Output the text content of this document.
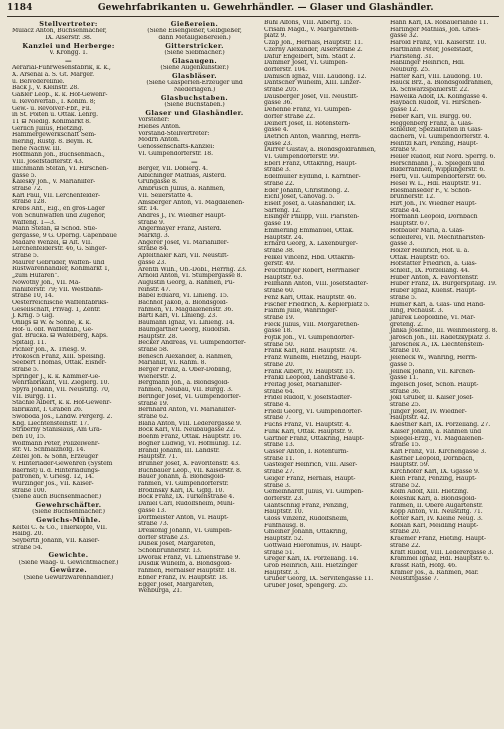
1184	Gewehrfabrikanten u. Gewehrhändler. — Glaser und Glashändler.
Stellvertreter:
Mulacz Anton, Büchsenmacher,
IX. Alserstr. 38.
Kanzlei und Herberge:
V. Krongg. 1.
—
Aerarial-Fuhrwesensfabrik, k. k.,
X. Arsenal a. S. Gt. Marger.
u. Belvederelinie.
Bäck J., V. Kleinstr. 28.
Gaßler Leop., k. k. Hof-Gewehr-
u. Revolverfab., I. Kohlm. 8;
Gew.- u. Revolver-Fbr., Fil.
in St. Pölten u. Ottak. Lehrg.
11 ⊟ Niedlg. Kohlmarkt 8.
Gerlich Julius, Hietzing.
Hammergewerkschaft Sem-
mering, Rustg. 8. Beym. R.
fiehe Nachw. III.
Hoffmann Joh., Büchsenmach.,
VIII. Josefstädterstr. 43.
Illichmann Stefan, VI. Hirschen-
gasse 5.
Kalesky Joh., V. Mariahilfer-
straße 72.
Karl Paul, VII. Lerchenfelder-
straße 128.
Krebs Ant., Eig., en gros-Lager
von Schuhwaffen und Zugehör,
Waffeng. 1—3.
Mann Stefan, ⊟ Schöd. Stie-
gergasse, 9 G. Operng. Capenbaue
Madaré Wenzel, ⊟ Alt. VII.
Lerchenfelderstr. 46, G. Singer-
straße 5.
Maurer Gebrüder, Waffen- und
Rüstwarenhändler, Kohlmarkt 1,
„zum Hufaren".
Nowotny Joh., VII. Ma-
riahilferstr. 79; VII. Westbahn-
straße 10, 14.
Oesterreichische Waffenfabriks-
Gesellschaft, Priväg. 1, Zentr.
J. Krng. 5 Gig.
Ohligs ⊟ W. & Söhne, k. k.
Hof- u. öbf. Waffenfab., Ge-
gaf. Brucka. ⊟ Wafelberg, Kaps.
Spitalg. 11.
Pichler Joh., X. Triesg. 9.
Prokosch Franz, XIII. Speising.
Seebert Thomas, Ottak. Eisner-
straße 5.
Springer J., k. k. Kammer-Ge-
wehrfabrikant, VII. Zieglerg. 10.
Spyra Johann, VII. Neustiftg. 70,
VII. Burgg. 11.
Stachle Albert, k. k. Hof-Gewehr-
fabrikant, I. Graben 26.
Swoboda Jos., Landw. Pergerg. 2.
Kbg. Liechtensteinstr. 17.
Striberny Stanislaus, Am Gra-
ben 10, 15.
Wolfmann Peter, Polizeiwehr-
str. VI. Schmalzhofg. 14.
Zeifel Joh. & Sohn, Erzeuger
v. Hinterlader-Gewehren (System
Baernst) u. d. Hinterladungs-
patronen, V. Griesg. 12, 14.
Wurzinger Jos., VII. Kaiser-
straße 100.
(Siehe auch Büchsenmacher.)
Gewehrschäfter.
(Siehe Büchsenmacher.)
Gewichs-Mühle.
Keitel C. & Co., Thierköpfe, VII.
Halbg. 20.
Seyberth Johann, VII. Kaiser-
straße 54.
Gewichte.
(Siehe Waag- u. Gewichtmacher.)
Gewürze.
(Siehe Gewürzwarenhändler.)
Gießereien.
(Siehe Eisengießer, Gelbgießer,
dann Metallgießereien.)
Gitterstricker.
(Siehe Siebmacher.)
Glasaugen.
(Siehe Augenkünstler.)
Glasbläser.
(Siehe Glasperlen-Erzeuger und
Niederlagen.)
Glasbuchstaben.
(Siehe Buchstaben.)
Glaser und Glashändler.
Vorsteher:
Hießes Anton.
Vorstand-Stellvertreter:
Modrn Anton.
Genossenschafts-Kanzlei:
VI. Gumpendorferstr. 18.
—
Berger, VII. Döblerg. 4.
Albichinger Mathias, Alsterd.
Grüngasse 8.
Ambrusch Julius, a. Rahmen,
VII. Seilerstätte 4.
Amsberger Anton, VI. Magdalenen-
str. 14.
Andres J., IV. Wiedner Haupt-
straße 9.
Angermayer Franz, Alsterd.
Marktg. 3.
Angerer Josef, VI. Mariahilfer-
straße 84.
Apfelthaler Karl, VII. Neustift-
gasse 23.
Arenth Wilh., Ob.-Döbl., Herrng. 23.
Arnold Anton, VI. Stumpergasse 8.
Augustin Georg, a. Rahmen, Pu-
reihstr. 47.
Babel Eduard, VI. Linieng. 15.
Bachhof Jakob, a. Blondsgold-
rahmen, VI. Magdalenenstr. 36.
Bartl Karl, VI. Linieng. 23.
Baumann Ignaz, VI. Linieng. 14.
Baumgartner Georg, Rudolfsh.
Hauptstr. 28.
Becker Andreas, VI. Gumpendorfer-
straße 58.
Benesch Alexander, a. Rahmen,
Mariahilf, VI. Rahm. 8.
Berger Franz, a. Ober-Döbling,
Wienerstr. 2.
Bergmann Joh., a. Blondsgold-
rahmen, Neubau, VII. Burgg. 3.
Beringer Josef, VI. Gumpendorfer-
straße 19.
Bernhard Anton, VI. Mariahilfer-
straße 62.
Blaha Anton, VIII. Lederergasse 9.
Bock Karl, VII. Neubaugasse 22.
Boehm Franz, Ottak. Hauptstr. 16.
Bogner Ludwig, VI. Hofmühlg. 12.
Brandl Johann, III. Landstr.
Hauptstr. 71.
Brunner Josef, X. Favoritenstr. 43.
Buchbauer Leop., VII. Kaiserstr. 8.
Bauer Johann, a. Blondsgold-
rahmen, VI. Gumpendorferstr.
Brodinsky Karl, IX. Ggfg. 10.
Böck Franz, IX. Türkenstraße 4.
Daniel Carl, Rudolfsheim, Mühl-
gasse 13.
Dorfmeister Anton, VI. Haupt-
straße 73.
Dreikönig Johann, VI. Gumpen-
dorfer straße 23.
Dußek Josef, Margareten,
Schönbrunnerstr. 13.
Dworak Franz, VI. Linienstraße 9.
Dusdik Wilhelm, a. Blondsgold-
rahmen, Hernalser Hauptstr. 18.
Ebner Franz, IV. Hauptstr. 18.
Egger Josef, Margareten,
Wehburga, 21.
Buhl Alfons, VIII. Albertg. 15.
Crisam Magd., V. Margarethen-
platz 9.
Czap Joh., Hernals, Hauptstr. 11.
Czerny Alexander, Alserstraße 2.
Dafür Engelbert, Sim. Stadt 2.
Dammer Josef, VI. Gumpen-
dorferstr. 104.
Damisch Ignaz, VIII. Laudong. 12.
Dantscher Wilhelm, XIII. Linzer-
straße 205.
Dausberger Josef, VII. Neustift-
gasse 36.
Dehenne Franz, VI. Gumpen-
dorfer straße 22.
Deinert Josef, II. Rotenstern-
gasse 4.
Dietrich Anton, Währing, Herrn-
gasse 23.
Durrer Gustav, a. Blondsgoldrahmen,
VI. Gumpendorferstr. 99.
Eberl Franz, Ottakring, Haupt-
straße 3.
Edelmüller Eydiind, I. Kärntner-
straße 22.
Eder Johann, Christinong. 2.
Eichl Josef, Canovag. 5.
Eiselt Josef, a. Glashändler, IX.
Sarfeng. 12.
Elsinger Philipp, VIII. Piaristen-
gasse 19.
Emmerling Emmanuel, Ottak.
Hauptstr. 24.
Erhard Georg, X. Laxenburger-
straße 38.
Felkel Vincenz, Hbd. Ottakrin-
gerstr. 49.
Feuchtinger Robert, Herrnalser
Hauptstr. 63.
Fellmann Anton, VIII. Josefstädter-
straße 60.
Fenz Karl, Ottak. Hauptstr. 46.
Fischer Friedrich, X. Keplerplatz 5.
Flamm Julie, Währinger-
straße 19.
Fleck Julius, VIII. Morgarethen-
gasse 18.
Fojtik Joh., VI. Gumpendorfer-
straße 50.
Frank Karl, Rdhf. Hauptstr. 74.
Franz Wilhelm, Hietzing, Haupt-
straße 20.
Frank Albert, IV. Hauptstr. 15.
Frankl Leopold, Landstraße 4.
Freitag Josef, Mariahilfer-
straße 64.
Fridel Rudolf, V. Josefstädter-
straße 4.
Friedl Georg, VI. Gumpendorfer-
straße 7.
Fuchs Franz, VI. Hauptstr. 4.
Funk Karl, Ottak. Hauptstr. 9.
Gartner Franz, Ottakring, Haupt-
straße 13.
Gasser Anton, I. Rotenturm-
straße 11.
Gasteiger Heinrich, VIII. Alser-
straße 27.
Geiger Franz, Hernals, Haupt-
straße 3.
Gemeinhardt Julius, VI. Gumpen-
dorferstr. 23.
Glantschnig Franz, Penzing,
Hauptstr. 10.
Gloss Vinzenz, Rudolfsheim,
Fünfhausg. 8.
Gmeiner Johann, Ottakring,
Hauptstr. 52.
Gottwald Hieronimus, IV. Haupt-
straße 51.
Greger Karl, IX. Porzellang. 14.
Grob Heinrich, XIII. Hietzinger
Hauptstr. 3.
Gruber Georg, IX. Servitengasse 11.
Gruber Josef, Spengerg. 25.
Hahn Karl, IX. Roßauerlände 11.
Harlinger Mathias, Joh. Gries-
gasse 32.
Harold Franz, VII. Kaiserstr. 10.
Hartmann Peter, Josefstadt,
Piaristeng. 31.
Haßlinger Heinrich, Hdl.
Neuburg. 25.
Hatter Karl, VIII. Laudong. 10.
Hauck Brz., a. Blondsgoldrahmen,
IX. Schwarzspanierstr. 22.
Hawelka Adolf, IX. Kolingasse 4.
Haybach Rudolf, VI. Hirschen-
gasse 12.
Heber Karl, VII. Burgg. 60.
Heggenberg Franz, a. Glas-
schleifer, Spezialitäten in Glas-
dächern, VI. Gumpendorferstr. 4.
Heintzl Karl, Penzing, Haupt-
straße 9.
Heller Rudolf, Ruf Nord. Sperrg. 6.
Herschmann J., a. Spiegeln und
Bilderrahmen, Wipplingerstr. 6.
Hertl, VII. Gumpendorferstr. 66.
Hesel W. L., Hdl. Hauptstr. 91.
Hiesmanseder F., V. Schön-
brunnerstr. 12.
Hirt Joh., IV. Wiedner Haupt-
straße 44.
Hörmann Leopold, Dornbach
Hauptstr. 67.
Hofbauer Maria, a. Glas-
schleiferei, VII. Mechitharisten-
gasse 3.
Holzer Heinrich, Hof. u. a.
Ottak. Hauptstr. 65.
Hofstätter Friedrich, a. Glas-
schleif., IX. Porzellang. 44.
Huber Anton, X. Favoritenstr.
Huber Franz, IX. Bürgerspitalg. 19.
Huber Ignaz, Kuenst. Haupt-
straße 5.
Humer Karl, a. Glas- und Hand-
lung, Pechaust. 3.
Jafurek Leopoldine, VI. Mar-
greteng. 2.
Janka Josefine, III. Weinmeisterg. 8.
Jarosch Joh., III. Radetzkyplatz 3.
Jaroschek A., IX. Liechtenstein-
straße 10.
Jeleneck W., Währing, Herrn-
gasse 5.
Jelinek Johann, VII. Kirchen-
gasse 11.
Ingelsch Josef, Schön. Haupt-
straße 36.
Jokl Gruber, II. Kaiser Josef-
straße 25.
Junger Josef, IV. Wiedner-
Hauptstr. 42.
Kaestner Karl, IX. Porzellang. 27.
Kaiser Johann, a. Rahmen und
Spiegel-Erzg., VI. Magdalenen-
straße 15.
Karl Franz, VII. Kirchengasse 3.
Kastner Leopold, Dornbach,
Hauptstr. 59.
Kirchhofer Karl, IX. Ggasse 9.
Klein Franz, Penzing, Haupt-
straße 52.
Kolm Adolf, XIII. Hietzing.
Kolesnik Karl, a. Blondsgold-
rahmen, II. Obere Augartenstr.
Kopp Anton, VII. Neustiftg. 71.
Kotter Karl, IV. Kleine Neug. 3.
Koblan Karl, Meidling Haupt-
straße 20.
Kraemer Franz, Hieting. Haupt-
straße 22.
Kraft Rudolf, VIII. Lederergasse 3.
Krammel Ignaz, Hdl. Hauptstr. 6.
Krasst Rath, Hofg. 46.
Kramer Jos., a. Rahmen, Mar.
Neustiftgasse 7.
